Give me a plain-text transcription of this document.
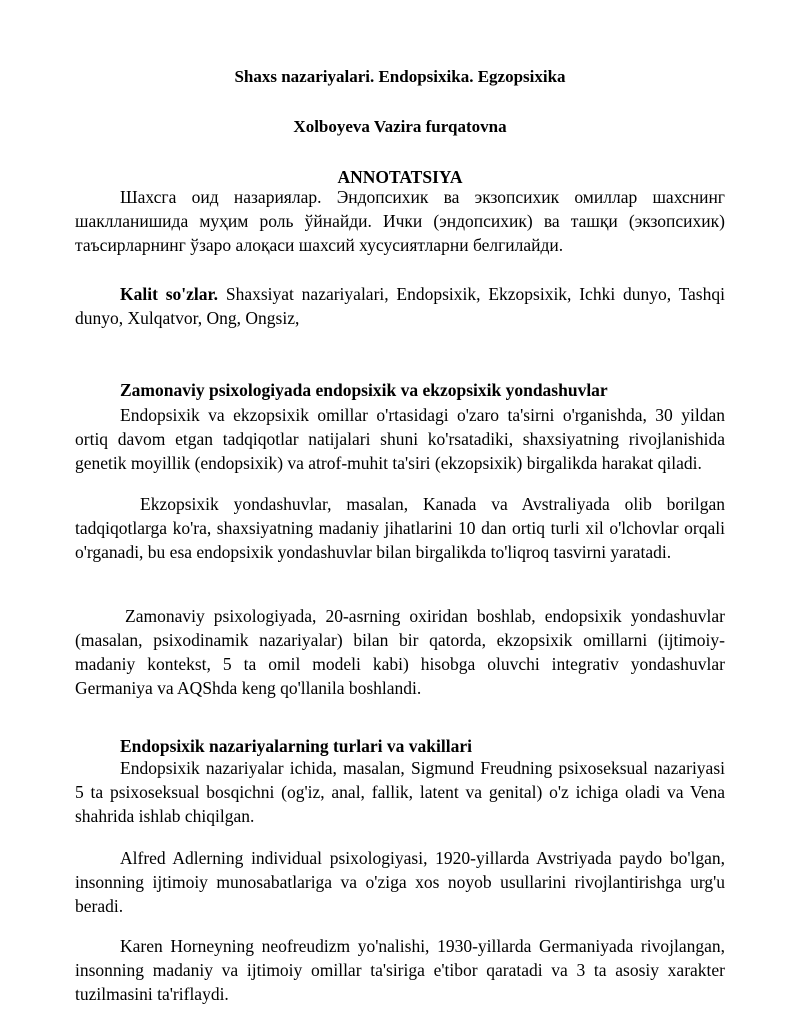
Shaxs nazariyalari. Endopsixika. Egzopsixika
Xolboyeva Vazira furqatovna
ANNOTATSIYA

Шахсга оид назариялар. Эндопсихик ва экзопсихик омиллар шахснинг шаклланишида муҳим роль ўйнайди. Ички (эндопсихик) ва ташқи (экзопсихик) таъсирларнинг ўзаро алоқаси шахсий хусусиятларни белгилайди.

Kalit so'zlar. Shaxsiyat nazariyalari, Endopsixik, Ekzopsixik, Ichki dunyo, Tashqi dunyo, Xulqatvor, Ong, Ongsiz,

Zamonaviy psixologiyada endopsixik va ekzopsixik yondashuvlar

Endopsixik va ekzopsixik omillar o'rtasidagi o'zaro ta'sirni o'rganishda, 30 yildan ortiq davom etgan tadqiqotlar natijalari shuni ko'rsatadiki, shaxsiyatning rivojlanishida genetik moyillik (endopsixik) va atrof-muhit ta'siri (ekzopsixik) birgalikda harakat qiladi.

Ekzopsixik yondashuvlar, masalan, Kanada va Avstraliyada olib borilgan tadqiqotlarga ko'ra, shaxsiyatning madaniy jihatlarini 10 dan ortiq turli xil o'lchovlar orqali o'rganadi, bu esa endopsixik yondashuvlar bilan birgalikda to'liqroq tasvirni yaratadi.

Zamonaviy psixologiyada, 20-asrning oxiridan boshlab, endopsixik yondashuvlar (masalan, psixodinamik nazariyalar) bilan bir qatorda, ekzopsixik omillarni (ijtimoiy-madaniy kontekst, 5 ta omil modeli kabi) hisobga oluvchi integrativ yondashuvlar Germaniya va AQShda keng qo'llanila boshlandi.

Endopsixik nazariyalarning turlari va vakillari

Endopsixik nazariyalar ichida, masalan, Sigmund Freudning psixoseksual nazariyasi 5 ta psixoseksual bosqichni (og'iz, anal, fallik, latent va genital) o'z ichiga oladi va Vena shahrida ishlab chiqilgan.

Alfred Adlerning individual psixologiyasi, 1920-yillarda Avstriyada paydo bo'lgan, insonning ijtimoiy munosabatlariga va o'ziga xos noyob usullarini rivojlantirishga urg'u beradi.

Karen Horneyning neofreudizm yo'nalishi, 1930-yillarda Germaniyada rivojlangan, insonning madaniy va ijtimoiy omillar ta'siriga e'tibor qaratadi va 3 ta asosiy xarakter tuzilmasini ta'riflaydi.
